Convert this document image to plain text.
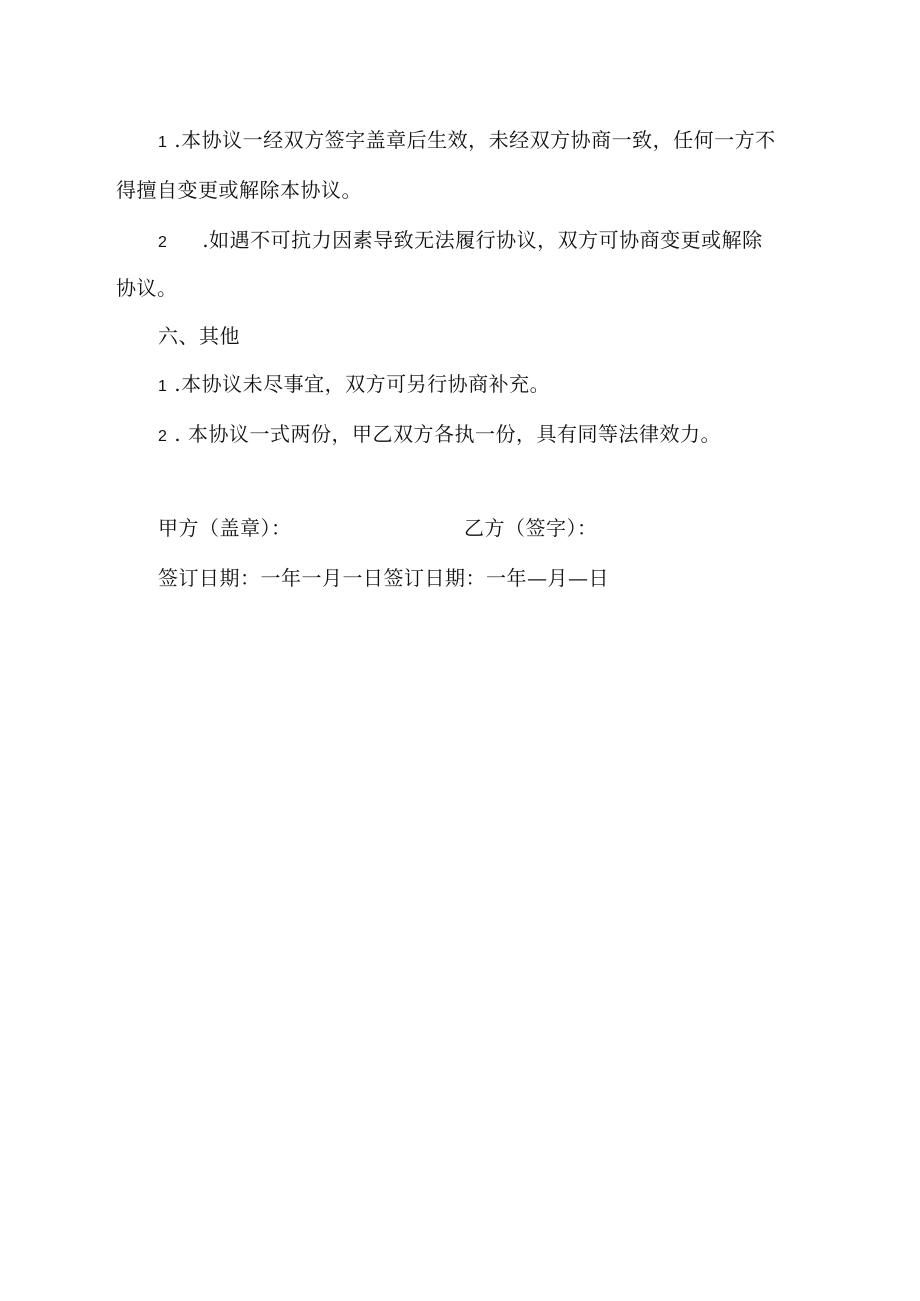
1 .本协议一经双方签字盖章后生效，未经双方协商一致，任何一方不
得擅自变更或解除本协议。
2 .如遇不可抗力因素导致无法履行协议，双方可协商变更或解除
协议。
六、其他
1 .本协议未尽事宜，双方可另行协商补充。
2 . 本协议一式两份，甲乙双方各执一份，具有同等法律效力。
甲方（盖章）：	乙方（签字）：
签订日期：一年一月一日签订日期：一年—月—日
